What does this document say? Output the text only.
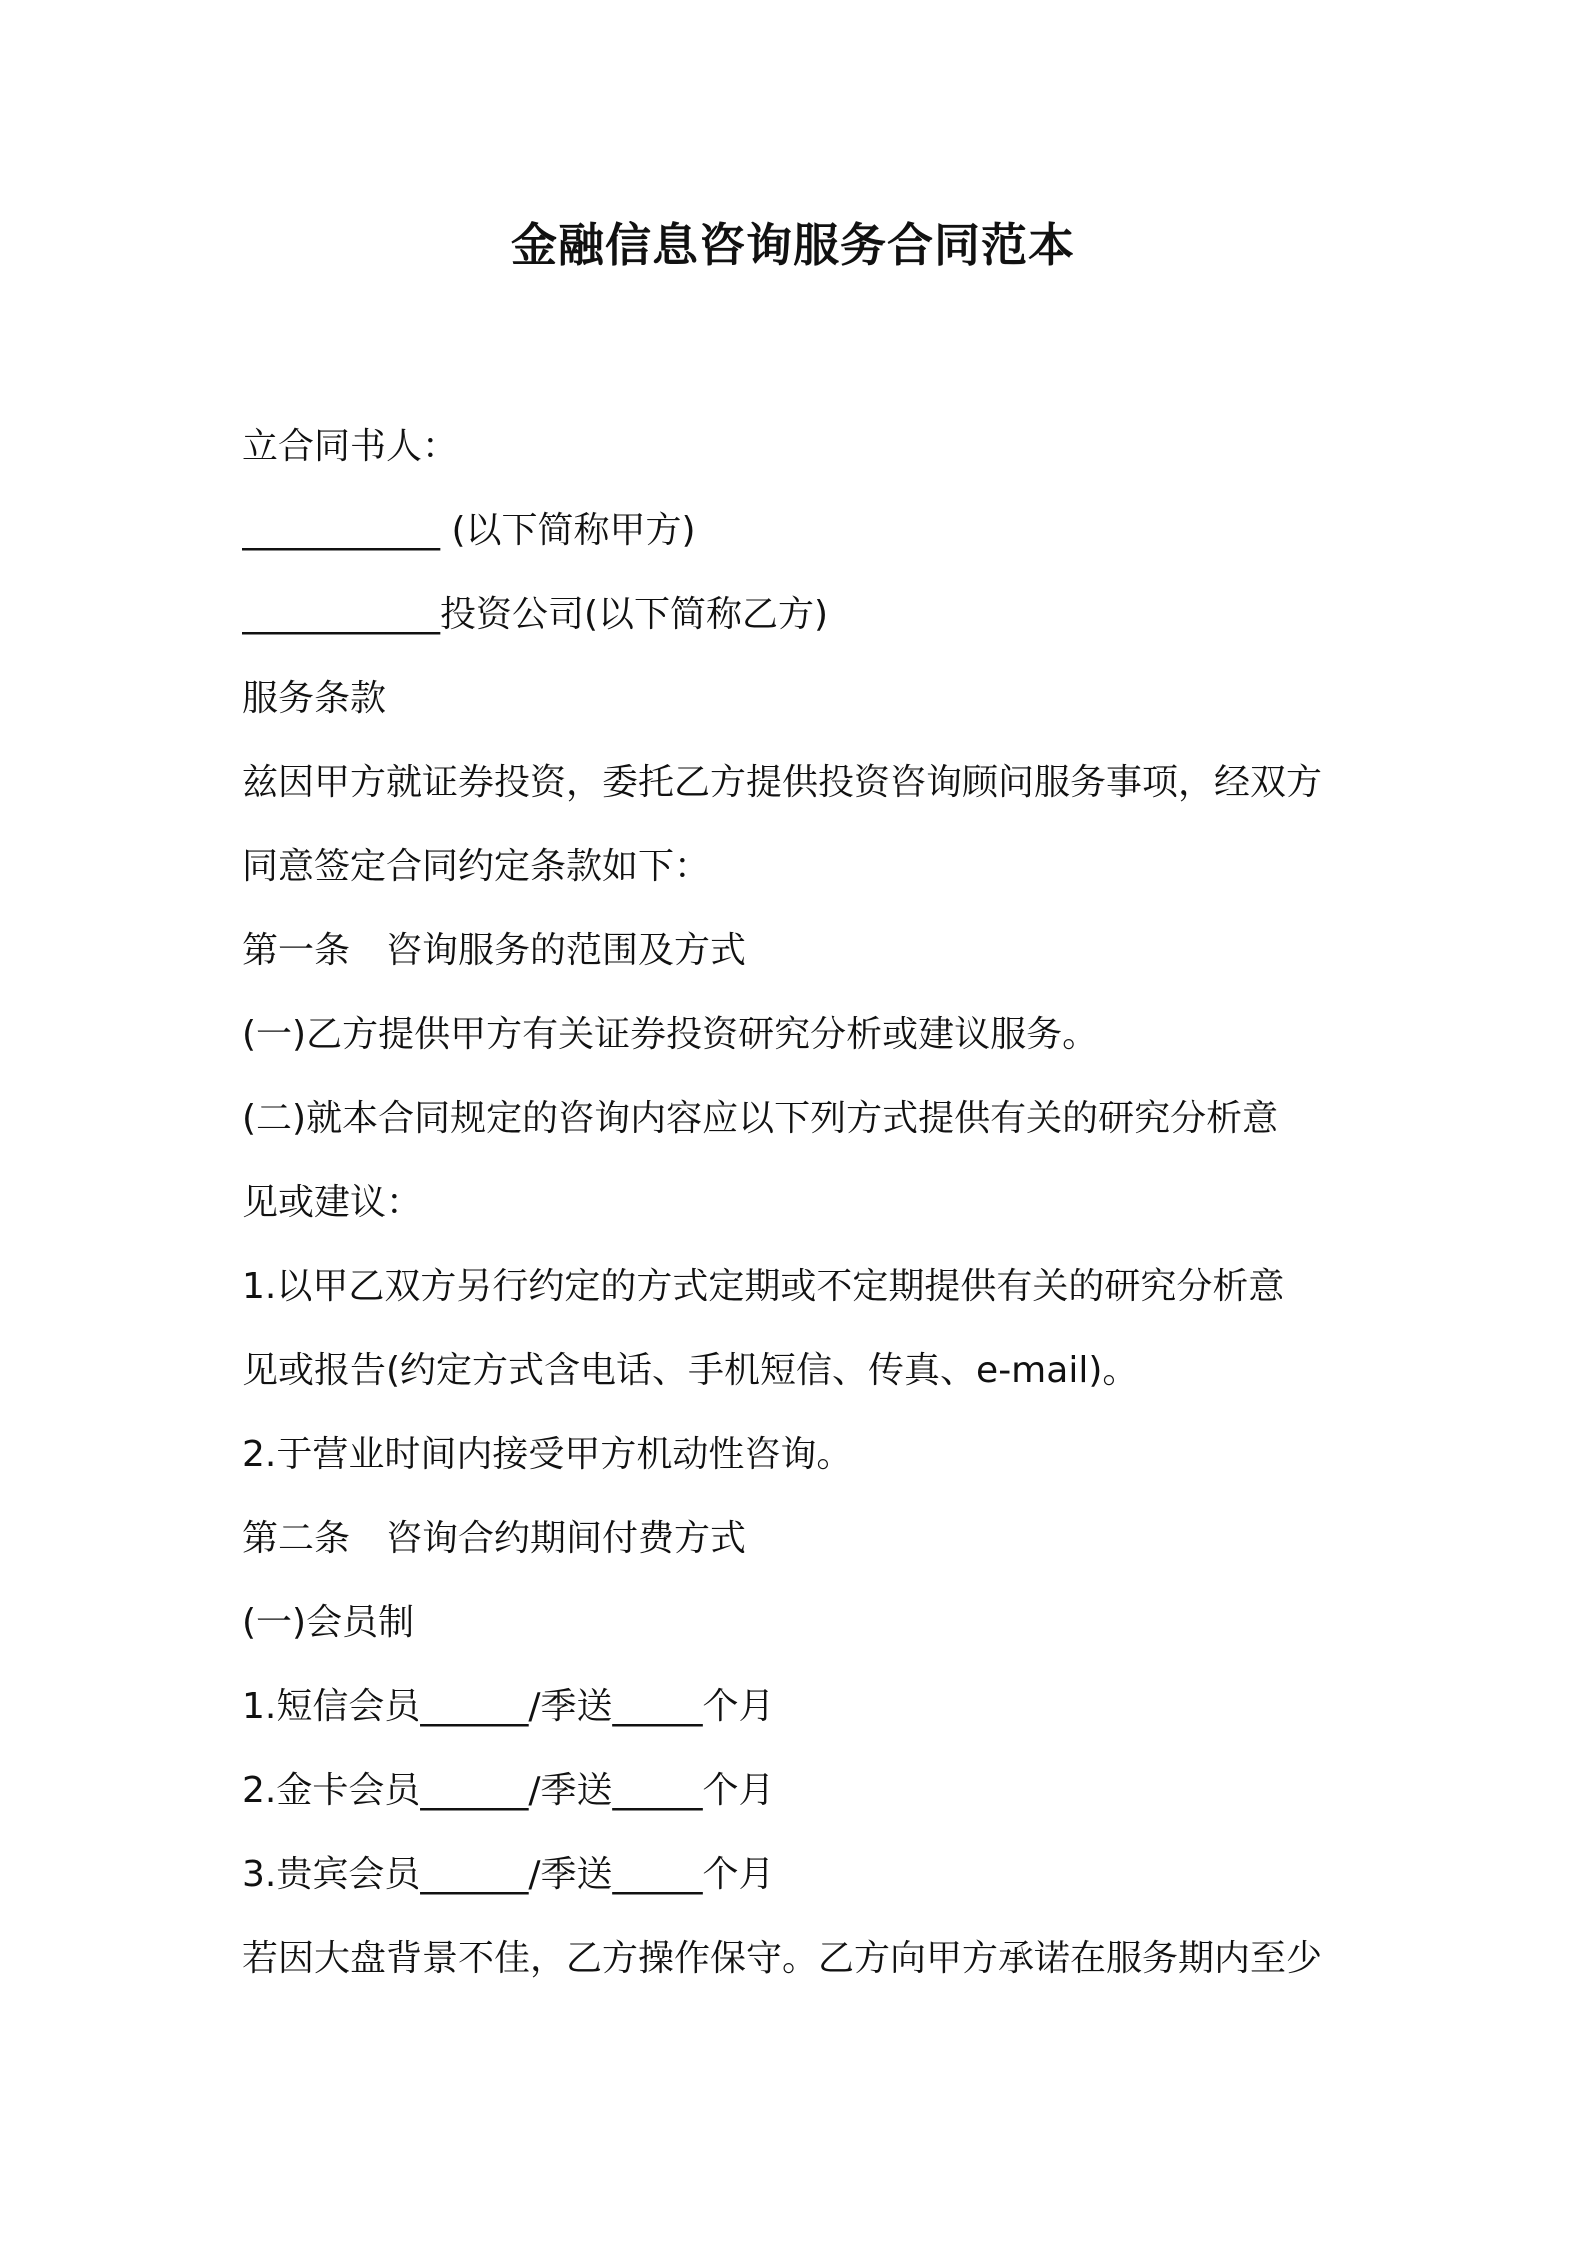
金融信息咨询服务合同范本
立合同书人：
___________ (以下简称甲方)
___________投资公司(以下简称乙方)
服务条款
兹因甲方就证券投资，委托乙方提供投资咨询顾问服务事项，经双方
同意签定合同约定条款如下：
第一条　咨询服务的范围及方式
(一)乙方提供甲方有关证券投资研究分析或建议服务。
(二)就本合同规定的咨询内容应以下列方式提供有关的研究分析意
见或建议：
1.以甲乙双方另行约定的方式定期或不定期提供有关的研究分析意
见或报告(约定方式含电话、手机短信、传真、e-mail)。
2.于营业时间内接受甲方机动性咨询。
第二条　咨询合约期间付费方式
(一)会员制
1.短信会员______/季送_____个月
2.金卡会员______/季送_____个月
3.贵宾会员______/季送_____个月
若因大盘背景不佳，乙方操作保守。乙方向甲方承诺在服务期内至少
